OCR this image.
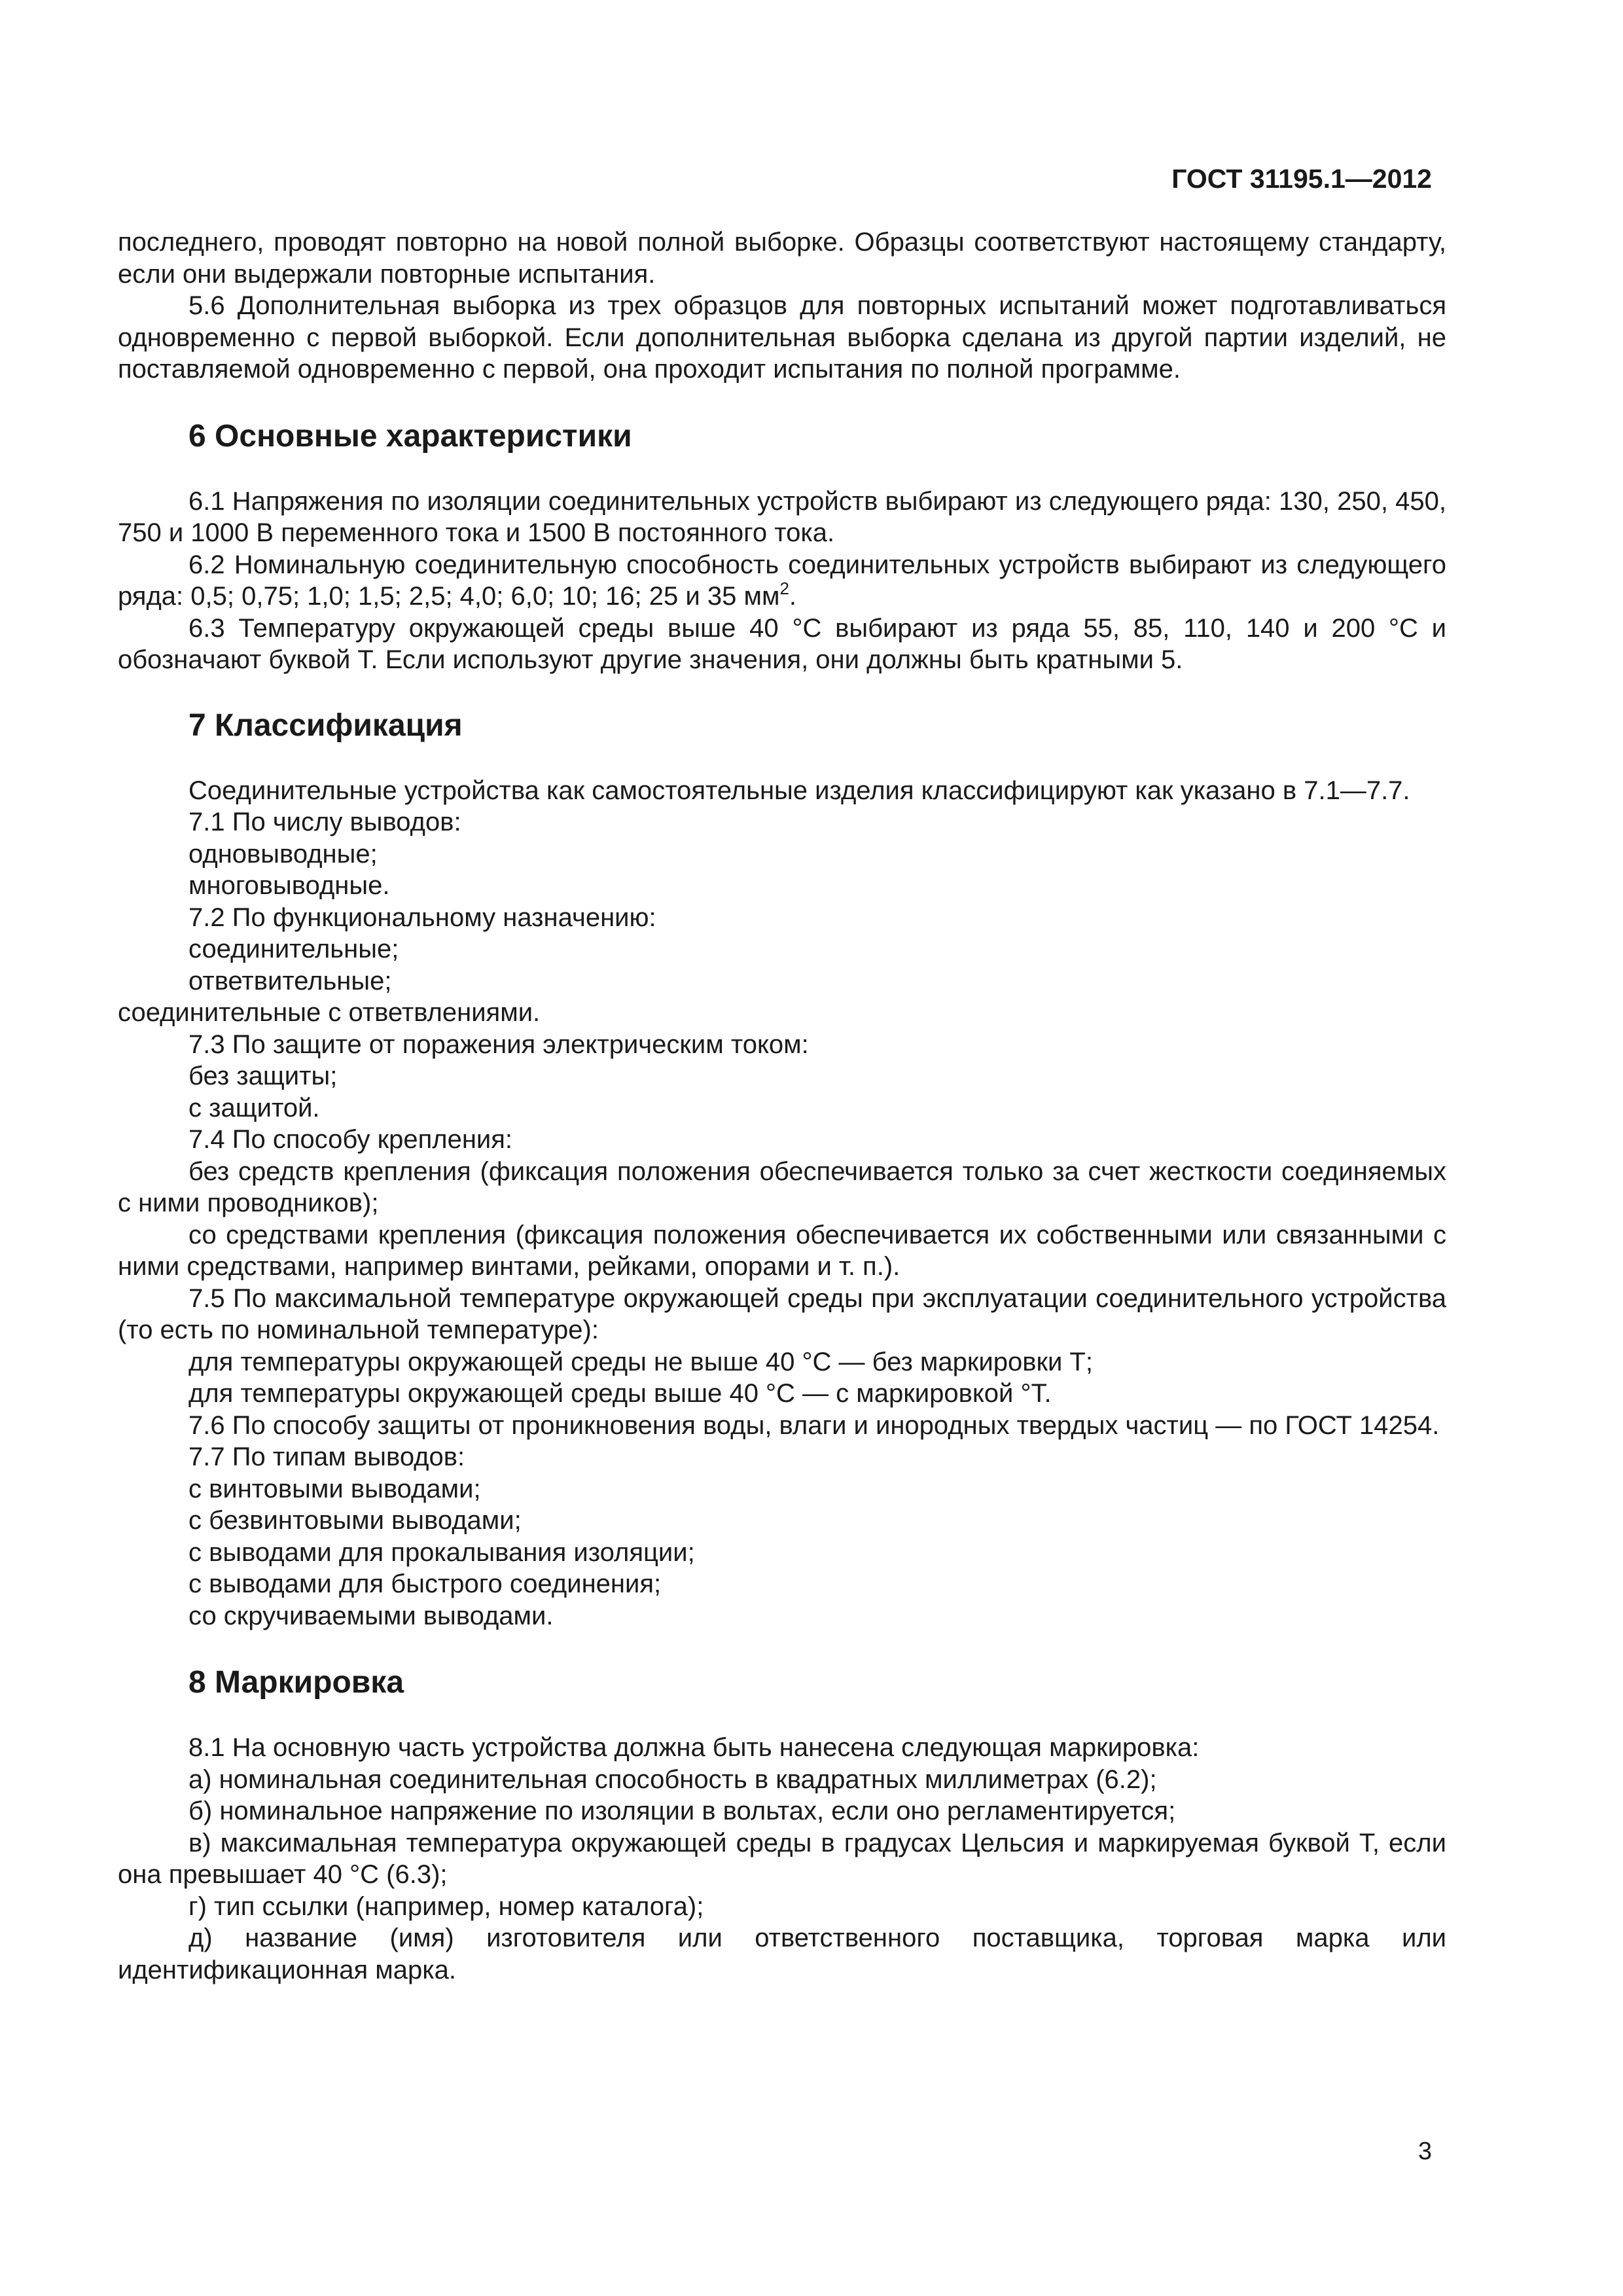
ГОСТ 31195.1—2012

последнего, проводят повторно на новой полной выборке. Образцы соответствуют настоящему стандарту, если они выдержали повторные испытания.

5.6 Дополнительная выборка из трех образцов для повторных испытаний может подготавливаться одновременно с первой выборкой. Если дополнительная выборка сделана из другой партии изделий, не поставляемой одновременно с первой, она проходит испытания по полной программе.

6 Основные характеристики

6.1 Напряжения по изоляции соединительных устройств выбирают из следующего ряда: 130, 250, 450, 750 и 1000 В переменного тока и 1500 В постоянного тока.

6.2 Номинальную соединительную способность соединительных устройств выбирают из следующего ряда: 0,5; 0,75; 1,0; 1,5; 2,5; 4,0; 6,0; 10; 16; 25 и 35 $мм^2$.

6.3 Температуру окружающей среды выше 40 °С выбирают из ряда 55, 85, 110, 140 и 200 °С и обозначают буквой Т. Если используют другие значения, они должны быть кратными 5.

7 Классификация

Соединительные устройства как самостоятельные изделия классифицируют как указано в 7.1—7.7.

7.1 По числу выводов:

одновыводные;

многовыводные.

7.2 По функциональному назначению:

соединительные;

ответвительные;

соединительные с ответвлениями.

7.3 По защите от поражения электрическим током:

без защиты;

с защитой.

7.4 По способу крепления:

без средств крепления (фиксация положения обеспечивается только за счет жесткости соединяемых с ними проводников);

со средствами крепления (фиксация положения обеспечивается их собственными или связанными с ними средствами, например винтами, рейками, опорами и т. п.).

7.5 По максимальной температуре окружающей среды при эксплуатации соединительного устройства (то есть по номинальной температуре):

для температуры окружающей среды не выше 40 °С — без маркировки Т;

для температуры окружающей среды выше 40 °С — с маркировкой °Т.

7.6 По способу защиты от проникновения воды, влаги и инородных твердых частиц — по ГОСТ 14254.

7.7 По типам выводов:

с винтовыми выводами;

с безвинтовыми выводами;

с выводами для прокалывания изоляции;

с выводами для быстрого соединения;

со скручиваемыми выводами.

8 Маркировка

8.1 На основную часть устройства должна быть нанесена следующая маркировка:

а) номинальная соединительная способность в квадратных миллиметрах (6.2);

б) номинальное напряжение по изоляции в вольтах, если оно регламентируется;

в) максимальная температура окружающей среды в градусах Цельсия и маркируемая буквой Т, если она превышает 40 °С (6.3);

г) тип ссылки (например, номер каталога);

д) название (имя) изготовителя или ответственного поставщика, торговая марка или идентификационная марка.

3
